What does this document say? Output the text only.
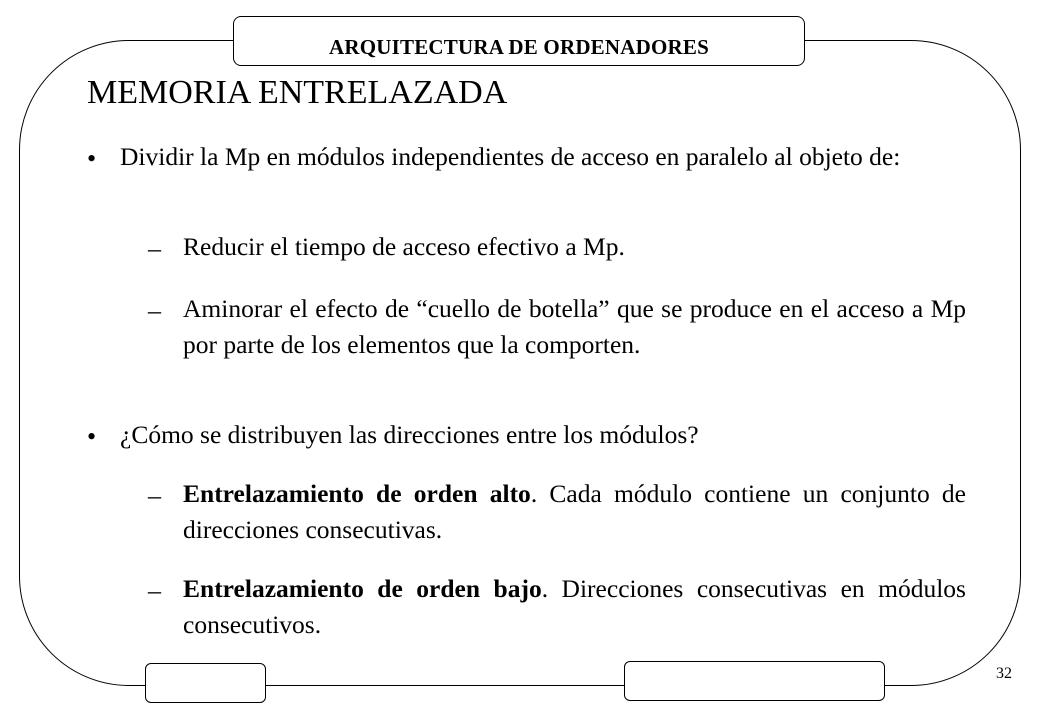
ARQUITECTURA DE ORDENADORES
MEMORIA ENTRELAZADA
• Dividir la Mp en módulos independientes de acceso en paralelo al objeto de:
– Reducir el tiempo de acceso efectivo a Mp.
– Aminorar el efecto de “cuello de botella” que se produce en el acceso a Mp por parte de los elementos que la comporten.
• ¿Cómo se distribuyen las direcciones entre los módulos?
– Entrelazamiento de orden alto. Cada módulo contiene un conjunto de direcciones consecutivas.
– Entrelazamiento de orden bajo. Direcciones consecutivas en módulos consecutivos.
32
